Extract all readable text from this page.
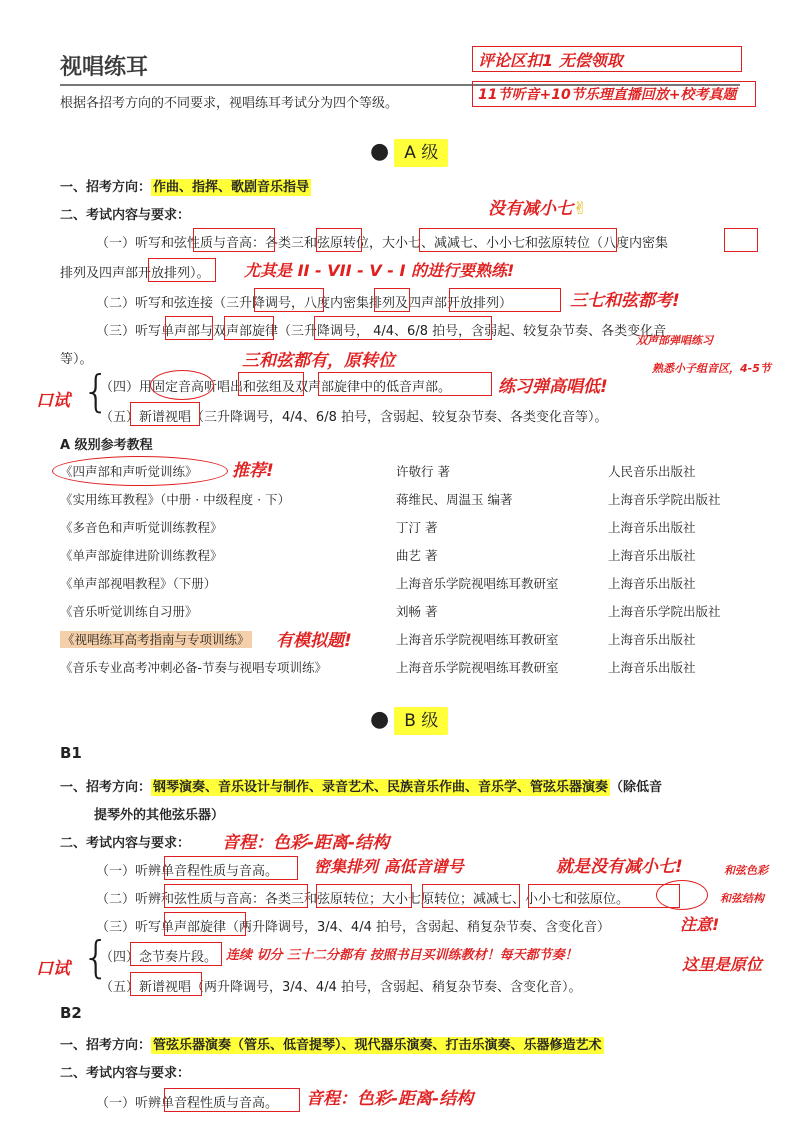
视唱练耳
根据各招考方向的不同要求，视唱练耳考试分为四个等级。
评论区扣1 无偿领取
11节听音+10节乐理直播回放+校考真题
● A 级
一、招考方向： 作曲、指挥、歌剧音乐指导
二、考试内容与要求：	没有减小七✌
（一）听写和弦性质与音高：各类三和弦原转位，大小七、减减七、小小七和弦原转位（八度内密集
排列及四声部开放排列）。 尤其是 II - VII - V - I 的进行要熟练!
（二）听写和弦连接（三升降调号，八度内密集排列及四声部开放排列）	三七和弦都考!
（三）听写单声部与双声部旋律（三升降调号， 4/4、6/8 拍号，含弱起、较复杂节奏、各类变化音
等）。
双声部弹唱练习
三和弦都有，原转位	熟悉小子组音区，4-5节
{
口试
（四）用固定音高听唱出和弦组及双声部旋律中的低音声部。	练习弹高唱低!
（五）新谱视唱（三升降调号，4/4、6/8 拍号，含弱起、较复杂节奏、各类变化音等）。
A 级别参考教程
《四声部和声听觉训练》	许敬行 著	人民音乐出版社
推荐!
《实用练耳教程》（中册 · 中级程度 · 下）	蒋维民、周温玉 编著	上海音乐学院出版社
《多音色和声听觉训练教程》	丁汀 著	上海音乐出版社
《单声部旋律进阶训练教程》	曲艺 著	上海音乐出版社
《单声部视唱教程》（下册）	上海音乐学院视唱练耳教研室	上海音乐出版社
《音乐听觉训练自习册》	刘畅 著	上海音乐学院出版社
《视唱练耳高考指南与专项训练》 有模拟题!	上海音乐学院视唱练耳教研室	上海音乐出版社
《音乐专业高考冲刺必备-节奏与视唱专项训练》	上海音乐学院视唱练耳教研室	上海音乐出版社
● B 级
B1
一、招考方向： 钢琴演奏、音乐设计与制作、录音艺术、民族音乐作曲、音乐学、管弦乐器演奏 （除低音
提琴外的其他弦乐器）
二、考试内容与要求： 音程：色彩-距离-结构
（一）听辨单音程性质与音高。 密集排列 高低音谱号	就是没有减小七!	和弦色彩
（二）听辨和弦性质与音高：各类三和弦原转位；大小七原转位；减减七、小小七和弦原位。	和弦结构
（三）听写单声部旋律（两升降调号，3/4、4/4 拍号，含弱起、稍复杂节奏、含变化音）	注意!
{
口试
（四）念节奏片段。 连续 切分 三十二分都有 按照书目买训练教材！每天都节奏！	这里是原位
（五）新谱视唱（两升降调号，3/4、4/4 拍号，含弱起、稍复杂节奏、含变化音）。
B2
一、招考方向： 管弦乐器演奏（管乐、低音提琴）、现代器乐演奏、打击乐演奏、乐器修造艺术
二、考试内容与要求：
（一）听辨单音程性质与音高。 音程：色彩-距离-结构
